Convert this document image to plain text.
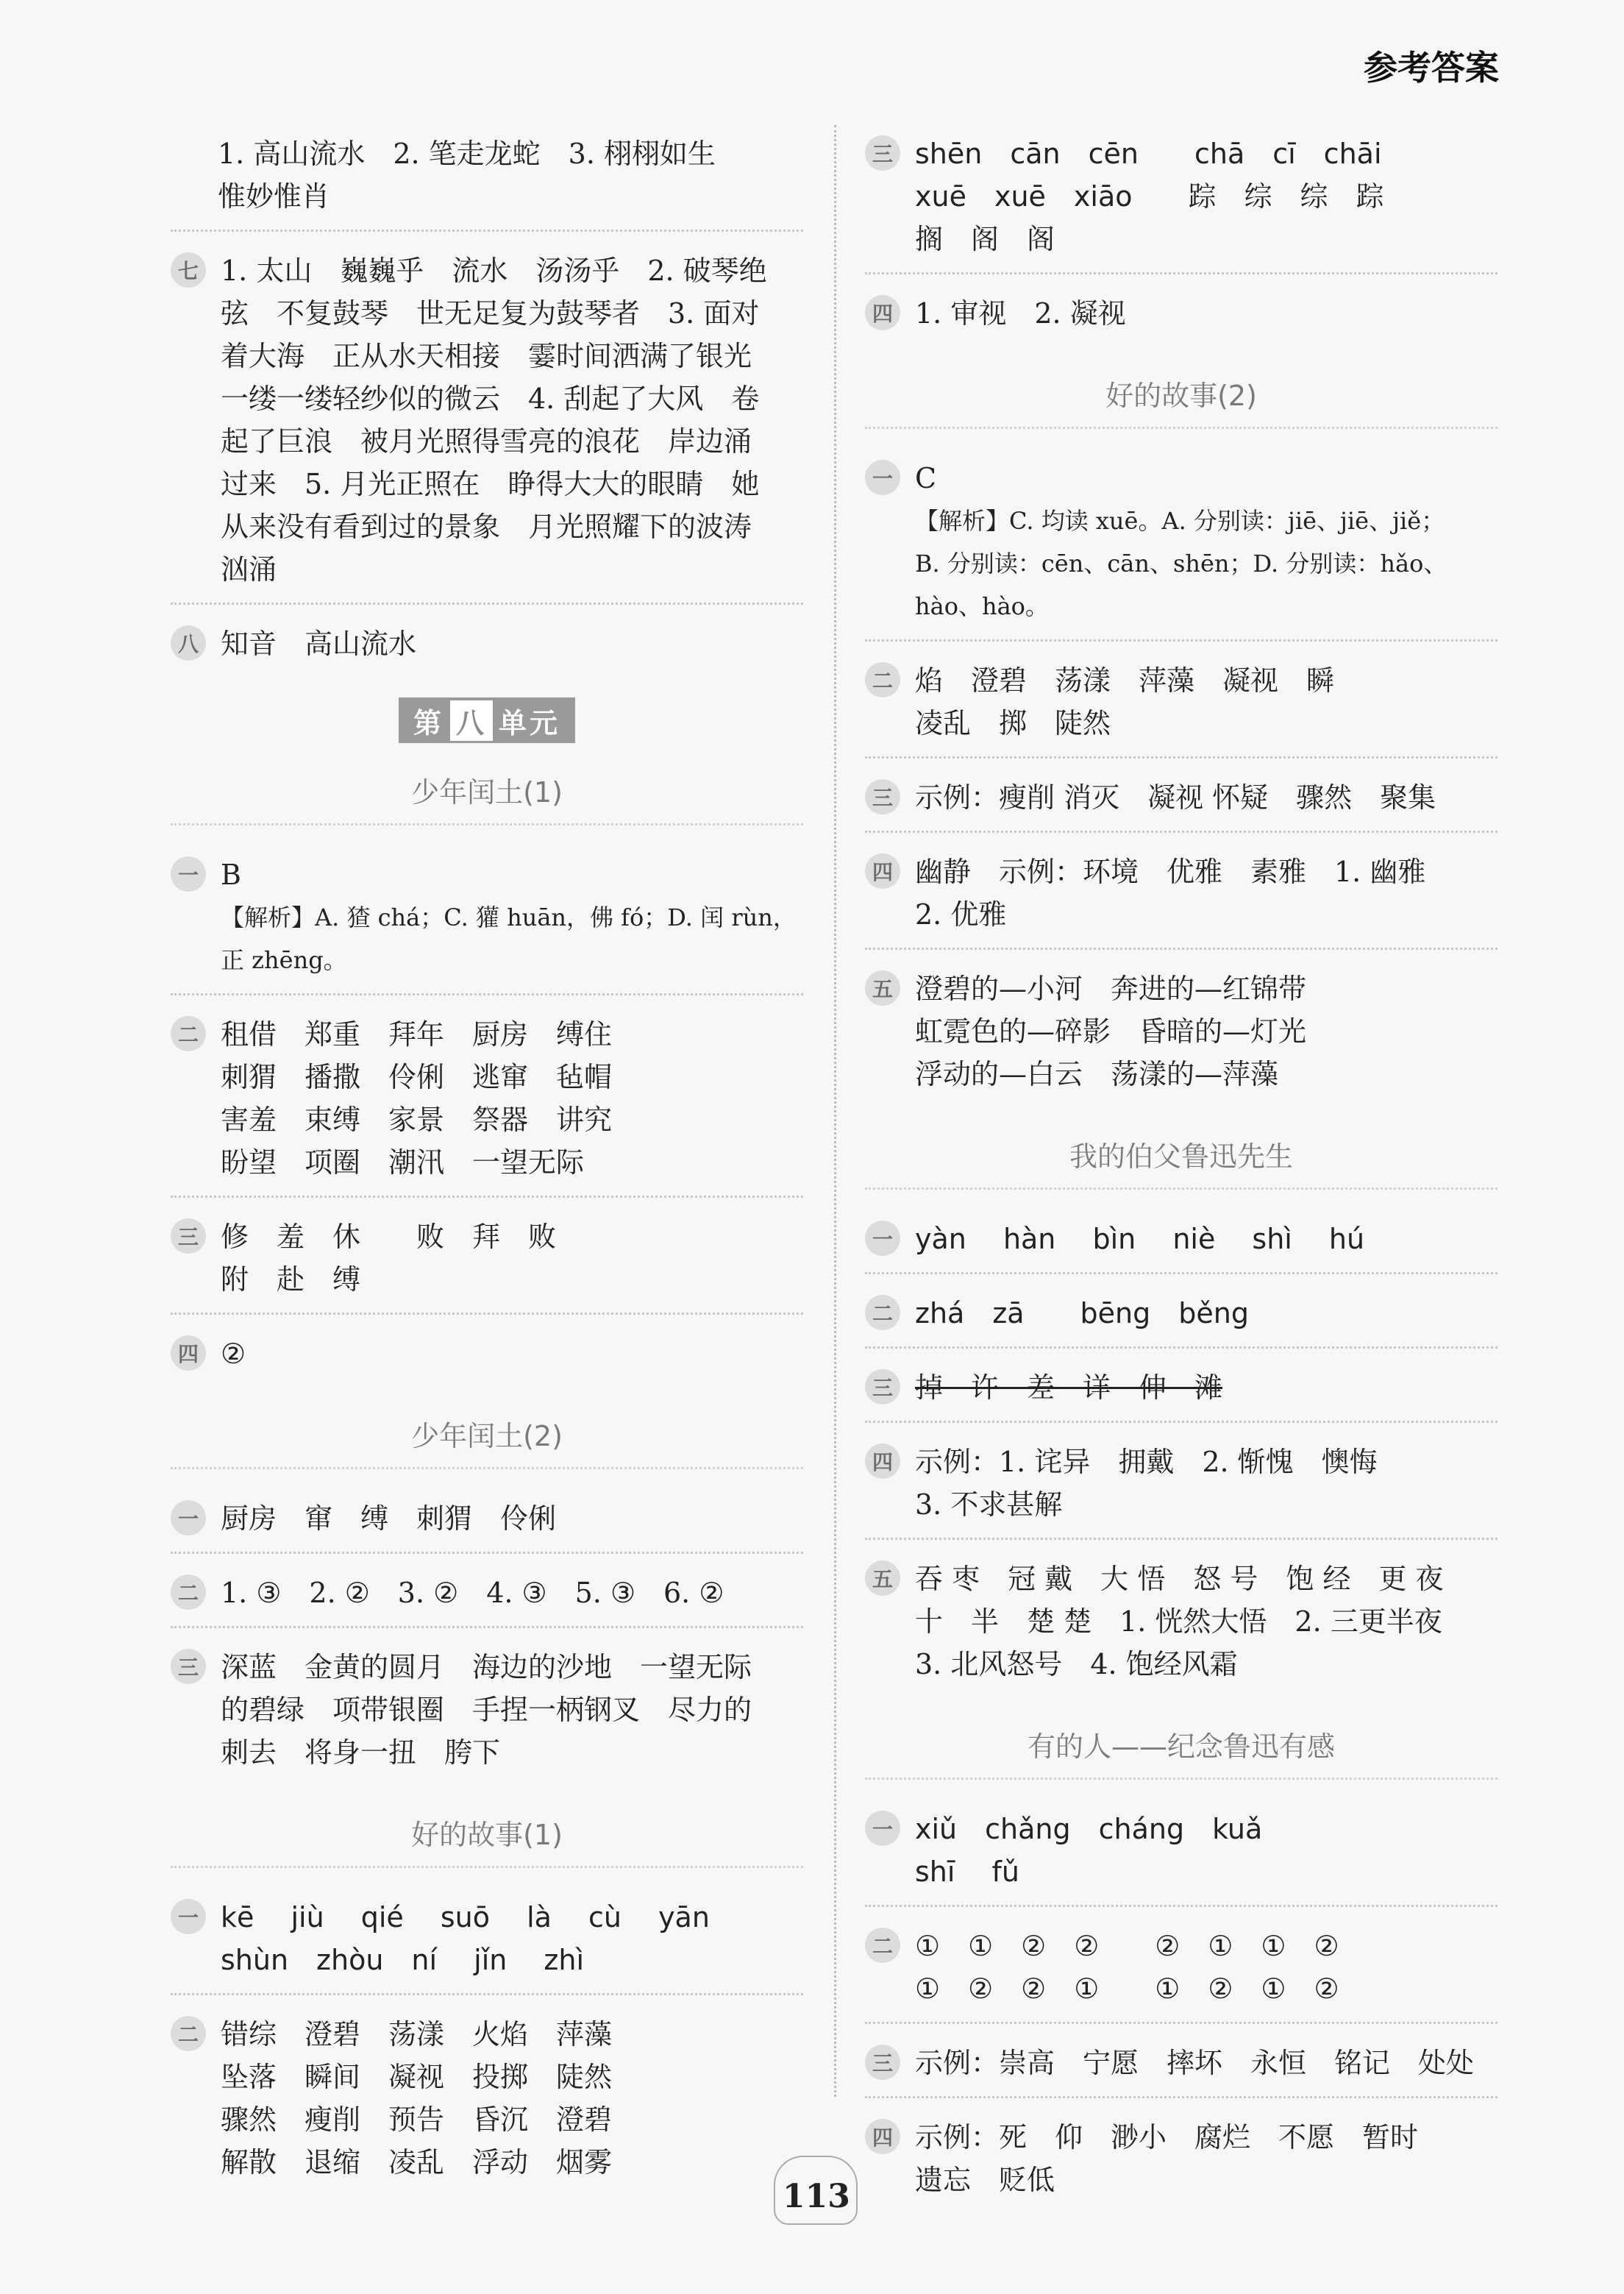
参考答案
1. 高山流水　2. 笔走龙蛇　3. 栩栩如生
惟妙惟肖
七 1. 太山　巍巍乎　流水　汤汤乎　2. 破琴绝
弦　不复鼓琴　世无足复为鼓琴者　3. 面对
着大海　正从水天相接　霎时间洒满了银光
一缕一缕轻纱似的微云　4. 刮起了大风　卷
起了巨浪　被月光照得雪亮的浪花　岸边涌
过来　5. 月光正照在　睁得大大的眼睛　她
从来没有看到过的景象　月光照耀下的波涛
汹涌
八 知音　高山流水
第 八 单元
少年闰土(1)
一 B
【解析】A. 猹 chá；C. 獾 huān，佛 fó；D. 闰 rùn，
正 zhēng。
二 租借　郑重　拜年　厨房　缚住
刺猬　播撒　伶俐　逃窜　毡帽
害羞　束缚　家景　祭器　讲究
盼望　项圈　潮汛　一望无际
三 修　羞　休　　败　拜　败
附　赴　缚
四 ②
少年闰土(2)
一 厨房　窜　缚　刺猬　伶俐
二 1. ③　2. ②　3. ②　4. ③　5. ③　6. ②
三 深蓝　金黄的圆月　海边的沙地　一望无际
的碧绿　项带银圈　手捏一柄钢叉　尽力的
刺去　将身一扭　胯下
好的故事(1)
一 kē　 jiù　 qié　 suō　 là　 cù　 yān
shùn　zhòu　ní　 jǐn　 zhì
二 错综　澄碧　荡漾　火焰　萍藻
坠落　瞬间　凝视　投掷　陡然
骤然　瘦削　预告　昏沉　澄碧
解散　退缩　凌乱　浮动　烟雾
三 shēn　cān　cēn　　chā　cī　chāi
xuē　xuē　xiāo　　踪　综　综　踪
搁　阁　阁
四 1. 审视　2. 凝视
好的故事(2)
一 C
【解析】C. 均读 xuē。A. 分别读：jiē、jiē、jiě；
B. 分别读：cēn、cān、shēn；D. 分别读：hǎo、
hào、hào。
二 焰　澄碧　荡漾　萍藻　凝视　瞬
凌乱　掷　陡然
三 示例：瘦削 消灭　凝视 怀疑　骤然　聚集
四 幽静　示例：环境　优雅　素雅　1. 幽雅
2. 优雅
五 澄碧的—小河　奔进的—红锦带
虹霓色的—碎影　昏暗的—灯光
浮动的—白云　荡漾的—萍藻
我的伯父鲁迅先生
一 yàn　 hàn　 bìn　 niè　 shì　 hú
二 zhá　zā　　bēng　běng
三 掉　许　差　详　伸　滩
四 示例：1. 诧异　拥戴　2. 惭愧　懊悔
3. 不求甚解
五 吞 枣　冠 戴　大 悟　怒 号　饱 经　更 夜
十　半　楚 楚　1. 恍然大悟　2. 三更半夜
3. 北风怒号　4. 饱经风霜
有的人——纪念鲁迅有感
一 xiǔ　chǎng　cháng　kuǎ
shī　 fǔ
二 ①　①　②　②　　②　①　①　②
①　②　②　①　　①　②　①　②
三 示例：崇高　宁愿　摔坏　永恒　铭记　处处
四 示例：死　仰　渺小　腐烂　不愿　暂时
遗忘　贬低
113
